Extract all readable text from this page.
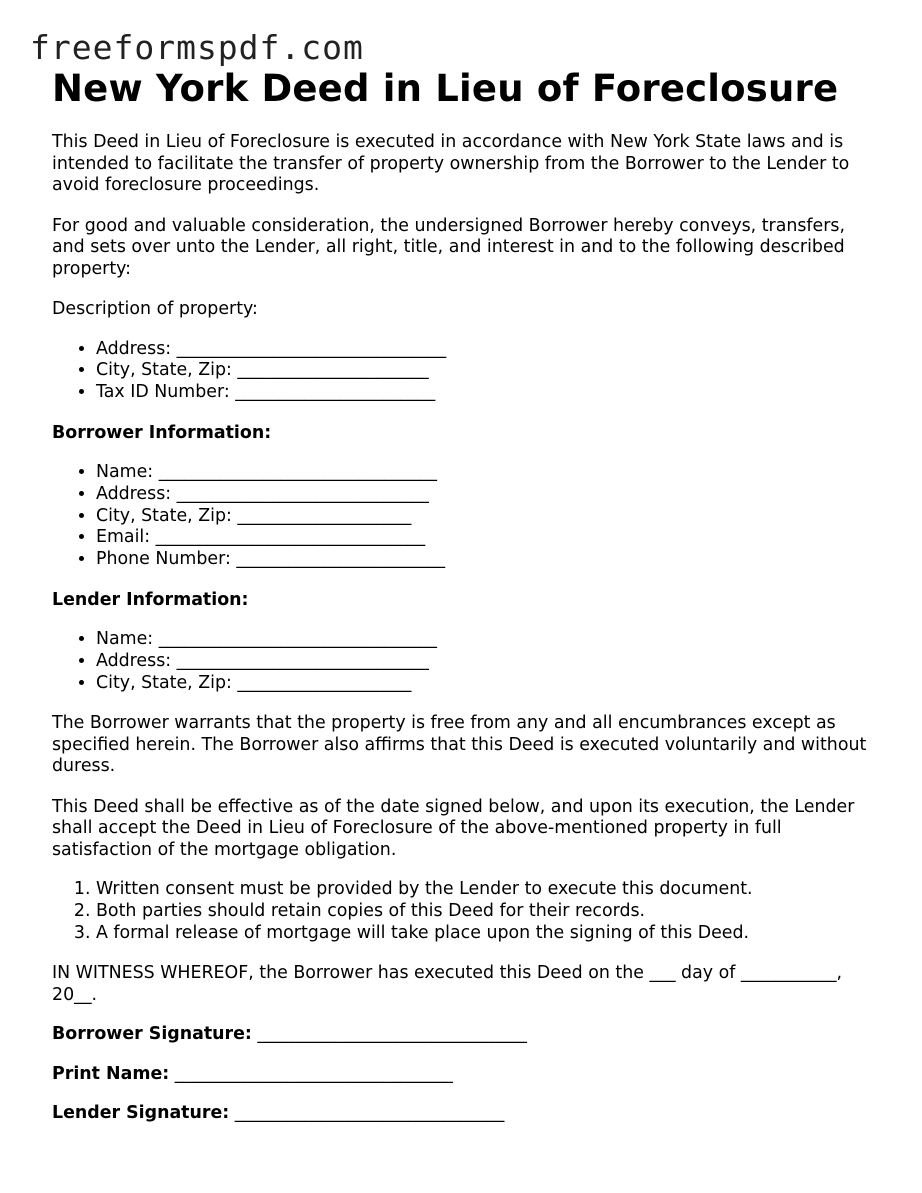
freeformspdf.com
New York Deed in Lieu of Foreclosure

This Deed in Lieu of Foreclosure is executed in accordance with New York State laws and is intended to facilitate the transfer of property ownership from the Borrower to the Lender to avoid foreclosure proceedings.

For good and valuable consideration, the undersigned Borrower hereby conveys, transfers, and sets over unto the Lender, all right, title, and interest in and to the following described property:

Description of property:

• Address: _______________________________
• City, State, Zip: ______________________
• Tax ID Number: _______________________

Borrower Information:

• Name: ________________________________
• Address: _____________________________
• City, State, Zip: ____________________
• Email: _______________________________
• Phone Number: ________________________

Lender Information:

• Name: ________________________________
• Address: _____________________________
• City, State, Zip: ____________________

The Borrower warrants that the property is free from any and all encumbrances except as specified herein. The Borrower also affirms that this Deed is executed voluntarily and without duress.

This Deed shall be effective as of the date signed below, and upon its execution, the Lender shall accept the Deed in Lieu of Foreclosure of the above-mentioned property in full satisfaction of the mortgage obligation.

1. Written consent must be provided by the Lender to execute this document.
2. Both parties should retain copies of this Deed for their records.
3. A formal release of mortgage will take place upon the signing of this Deed.

IN WITNESS WHEREOF, the Borrower has executed this Deed on the ___ day of ___________, 20__.

Borrower Signature: _______________________________
Print Name: ________________________________
Lender Signature: _______________________________
